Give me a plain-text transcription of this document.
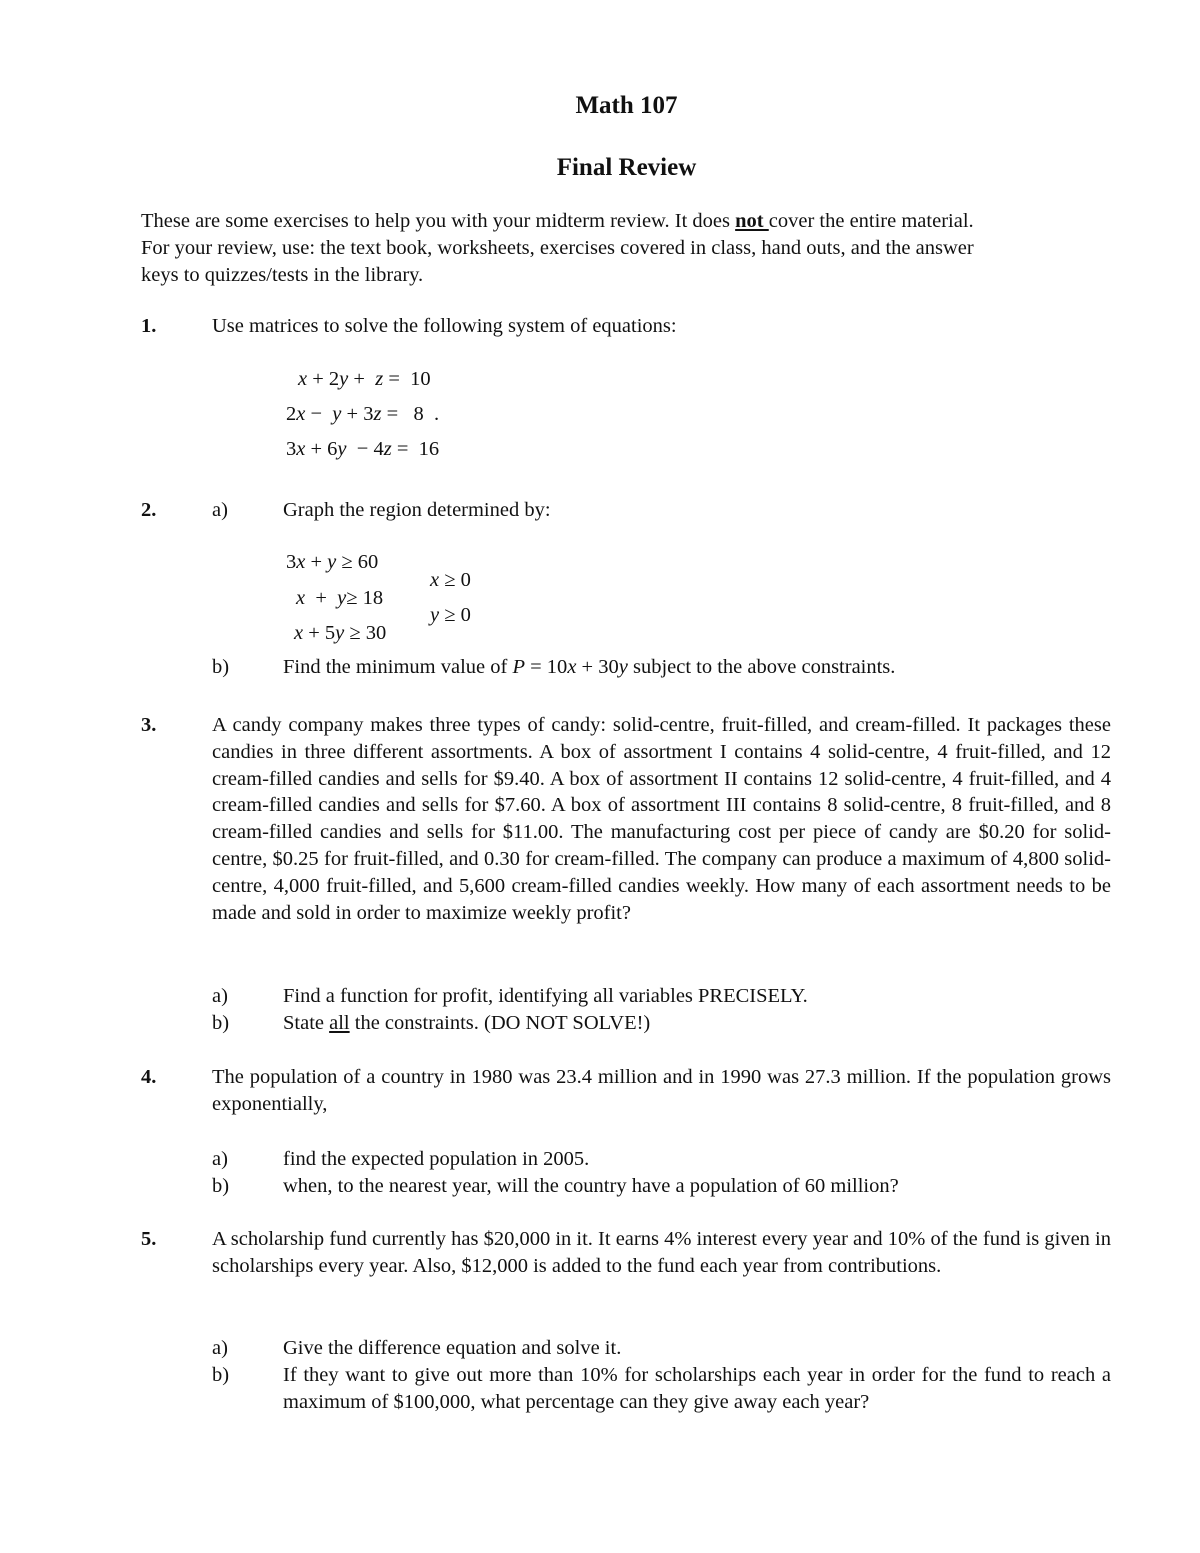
Math 107
Final Review
These are some exercises to help you with your midterm review. It does not cover the entire material.
For your review, use: the text book, worksheets, exercises covered in class, hand outs, and the answer
keys to quizzes/tests in the library.
1.	Use matrices to solve the following system of equations:
x + 2y +  z =  10
2x −  y + 3z =   8  .
3x + 6y  − 4z =  16
2.	a)	Graph the region determined by:
3x + y ≥ 60
x  +  y≥ 18
x + 5y ≥ 30
x ≥ 0
y ≥ 0
b)	Find the minimum value of P = 10x + 30y subject to the above constraints.
3.	A candy company makes three types of candy: solid-centre, fruit-filled, and cream-filled. It packages these candies in three different assortments. A box of assortment I contains 4 solid-centre, 4 fruit-filled, and 12 cream-filled candies and sells for $9.40. A box of assortment II contains 12 solid-centre, 4 fruit-filled, and 4 cream-filled candies and sells for $7.60. A box of assortment III contains 8 solid-centre, 8 fruit-filled, and 8 cream-filled candies and sells for $11.00. The manufacturing cost per piece of candy are $0.20 for solid-centre, $0.25 for fruit-filled, and 0.30 for cream-filled. The company can produce a maximum of 4,800 solid-centre, 4,000 fruit-filled, and 5,600 cream-filled candies weekly. How many of each assortment needs to be made and sold in order to maximize weekly profit?
a)	Find a function for profit, identifying all variables PRECISELY.
b)	State all the constraints. (DO NOT SOLVE!)
4.	The population of a country in 1980 was 23.4 million and in 1990 was 27.3 million. If the population grows exponentially,
a)	find the expected population in 2005.
b)	when, to the nearest year, will the country have a population of 60 million?
5.	A scholarship fund currently has $20,000 in it. It earns 4% interest every year and 10% of the fund is given in scholarships every year. Also, $12,000 is added to the fund each year from contributions.
a)	Give the difference equation and solve it.
b)	If they want to give out more than 10% for scholarships each year in order for the fund to reach a maximum of $100,000, what percentage can they give away each year?
